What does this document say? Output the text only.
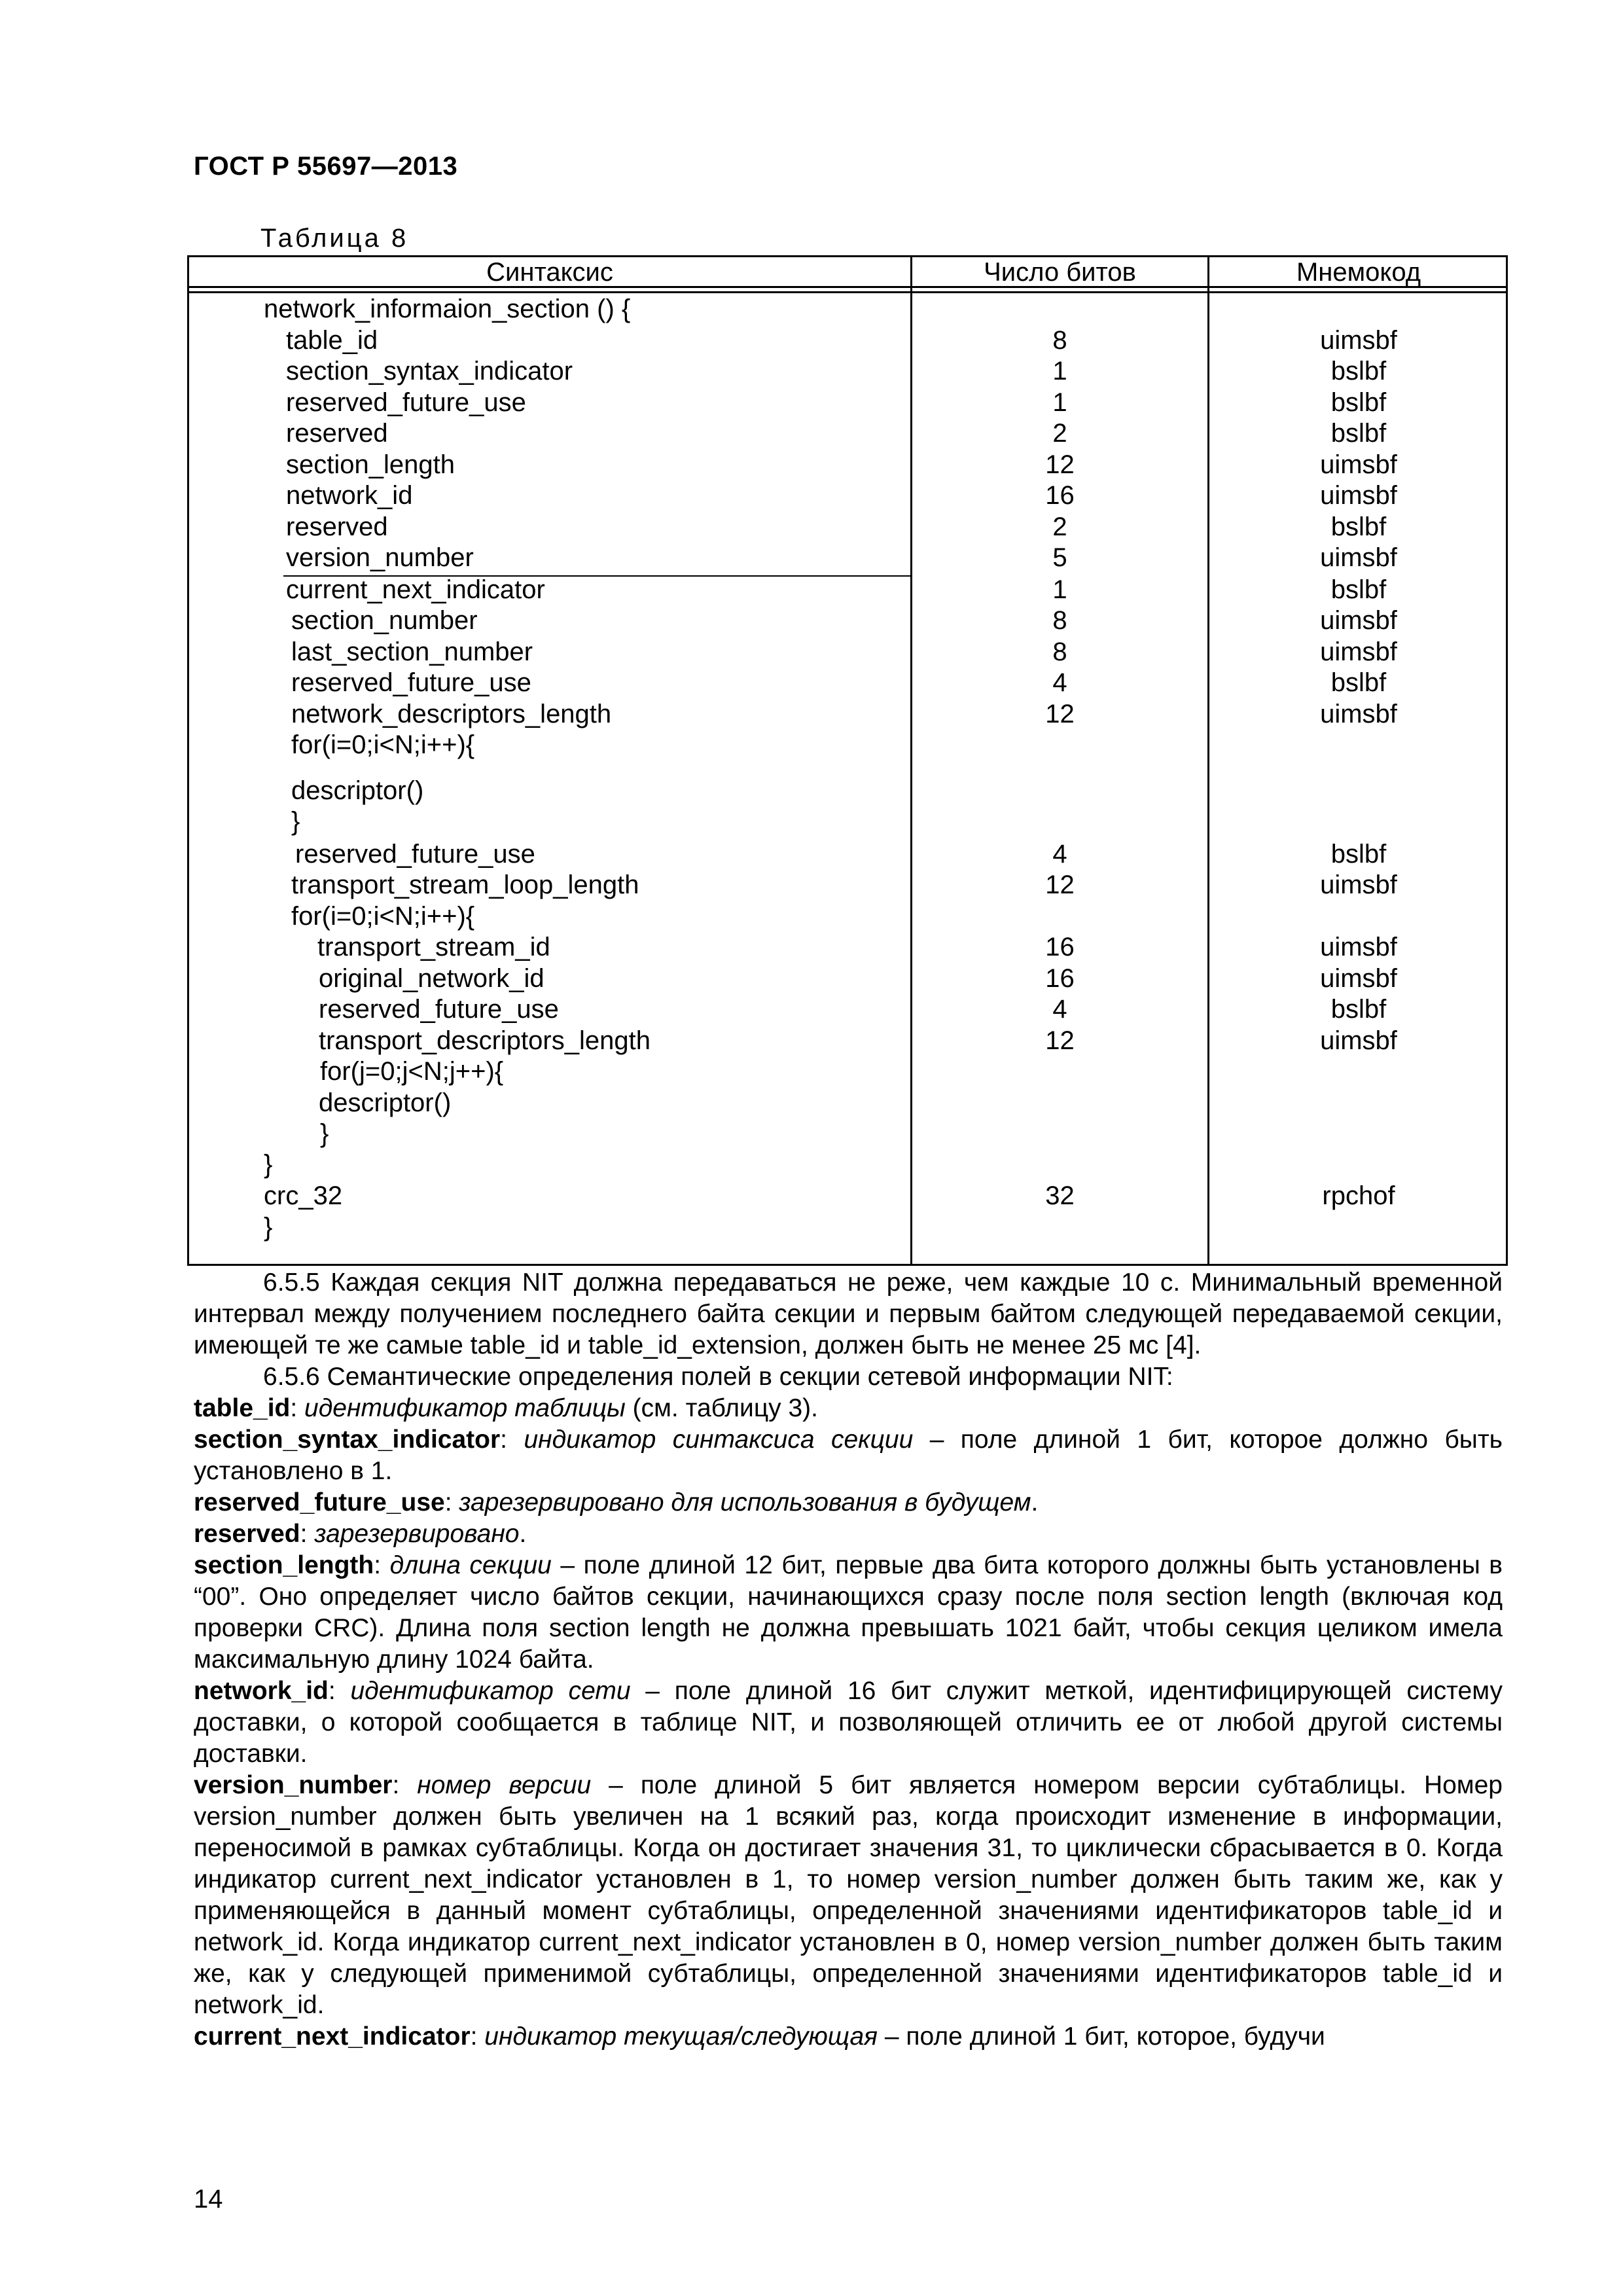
ГОСТ Р 55697—2013
Таблица 8
Синтаксис	Число битов	Мнемокод
network_informaion_section () {
table_id	8	uimsbf
section_syntax_indicator	1	bslbf
reserved_future_use	1	bslbf
reserved	2	bslbf
section_length	12	uimsbf
network_id	16	uimsbf
reserved	2	bslbf
version_number	5	uimsbf
current_next_indicator	1	bslbf
section_number	8	uimsbf
last_section_number	8	uimsbf
reserved_future_use	4	bslbf
network_descriptors_length	12	uimsbf
for(i=0;i<N;i++){
descriptor()
}
reserved_future_use	4	bslbf
transport_stream_loop_length	12	uimsbf
for(i=0;i<N;i++){
transport_stream_id	16	uimsbf
original_network_id	16	uimsbf
reserved_future_use	4	bslbf
transport_descriptors_length	12	uimsbf
for(j=0;j<N;j++){
descriptor()
}
}
crc_32	32	rpchof
}

6.5.5 Каждая секция NIT должна передаваться не реже, чем каждые 10 с. Минимальный временной интервал между получением последнего байта секции и первым байтом следующей передаваемой секции, имеющей те же самые table_id и table_id_extension, должен быть не менее 25 мс [4].

6.5.6 Семантические определения полей в секции сетевой информации NIT:

table_id: идентификатор таблицы (см. таблицу 3).

section_syntax_indicator: индикатор синтаксиса секции – поле длиной 1 бит, которое должно быть установлено в 1.

reserved_future_use: зарезервировано для использования в будущем.

reserved: зарезервировано.

section_length: длина секции – поле длиной 12 бит, первые два бита которого должны быть установлены в “00”. Оно определяет число байтов секции, начинающихся сразу после поля section length (включая код проверки CRC). Длина поля section length не должна превышать 1021 байт, чтобы секция целиком имела максимальную длину 1024 байта.

network_id: идентификатор сети – поле длиной 16 бит служит меткой, идентифицирующей систему доставки, о которой сообщается в таблице NIT, и позволяющей отличить ее от любой другой системы доставки.

version_number: номер версии – поле длиной 5 бит является номером версии субтаблицы. Номер version_number должен быть увеличен на 1 всякий раз, когда происходит изменение в информации, переносимой в рамках субтаблицы. Когда он достигает значения 31, то циклически сбрасывается в 0. Когда индикатор current_next_indicator установлен в 1, то номер version_number должен быть таким же, как у применяющейся в данный момент субтаблицы, определенной значениями идентификаторов table_id и network_id. Когда индикатор current_next_indicator установлен в 0, номер version_number должен быть таким же, как у следующей применимой субтаблицы, определенной значениями идентификаторов table_id и network_id.

current_next_indicator: индикатор текущая/следующая – поле длиной 1 бит, которое, будучи

14
